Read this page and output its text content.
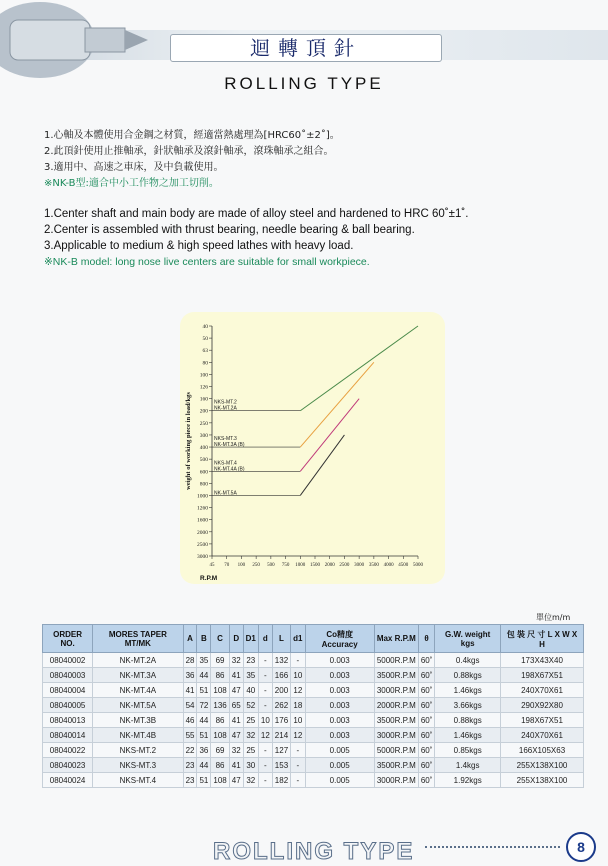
迴轉頂針
ROLLING TYPE
1.心軸及本體使用合金鋼之材質，經適當熱處理為[HRC60˚±2˚]。
2.此頂針使用止推軸承，針狀軸承及滾針軸承，滾珠軸承之組合。
3.適用中、高速之車床，及中負載使用。
※NK-B型:適合中小工作物之加工切削。
1.Center shaft and main body are made of alloy steel and hardened to HRC 60˚±1˚.
2.Center is assembled with thrust bearing, needle bearing & ball bearing.
3.Applicable to medium & high speed lathes with heavy load.
※NK-B model: long nose live centers are suitable for small workpiece.
40
50
63
80
100
126
160
200
250
300
400
500
600
800
1000
1260
1600
2000
2500
3000
45 70 100 250 500 750 1000 1500 2000 2500 3000 3500 4000 4500 5000
R.P.M
weight of working piece in load/kgs	NKS-MT.2
NK-MT.2A
NKS-MT.3
NK-MT.3A (B)
NKS-MT.4
NK-MT.4A (B)
NK-MT.5A
單位m/m
ORDER NO.	MORES TAPER MT/MK	A	B	C	D	D1	d	L	d1	Co精度 Accuracy	Max R.P.M	θ	G.W. weight kgs	包 裝 尺 寸 L X W X H
08040002	NK-MT.2A	28	35	69	32	23	-	132	-	0.003	5000R.P.M	60˚	0.4kgs	173X43X40
08040003	NK-MT.3A	36	44	86	41	35	-	166	10	0.003	3500R.P.M	60˚	0.88kgs	198X67X51
08040004	NK-MT.4A	41	51	108	47	40	-	200	12	0.003	3000R.P.M	60˚	1.46kgs	240X70X61
08040005	NK-MT.5A	54	72	136	65	52	-	262	18	0.003	2000R.P.M	60˚	3.66kgs	290X92X80
08040013	NK-MT.3B	46	44	86	41	25	10	176	10	0.003	3500R.P.M	60˚	0.88kgs	198X67X51
08040014	NK-MT.4B	55	51	108	47	32	12	214	12	0.003	3000R.P.M	60˚	1.46kgs	240X70X61
08040022	NKS-MT.2	22	36	69	32	25	-	127	-	0.005	5000R.P.M	60˚	0.85kgs	166X105X63
08040023	NKS-MT.3	23	44	86	41	30	-	153	-	0.005	3500R.P.M	60˚	1.4kgs	255X138X100
08040024	NKS-MT.4	23	51	108	47	32	-	182	-	0.005	3000R.P.M	60˚	1.92kgs	255X138X100
ROLLING TYPE	8
